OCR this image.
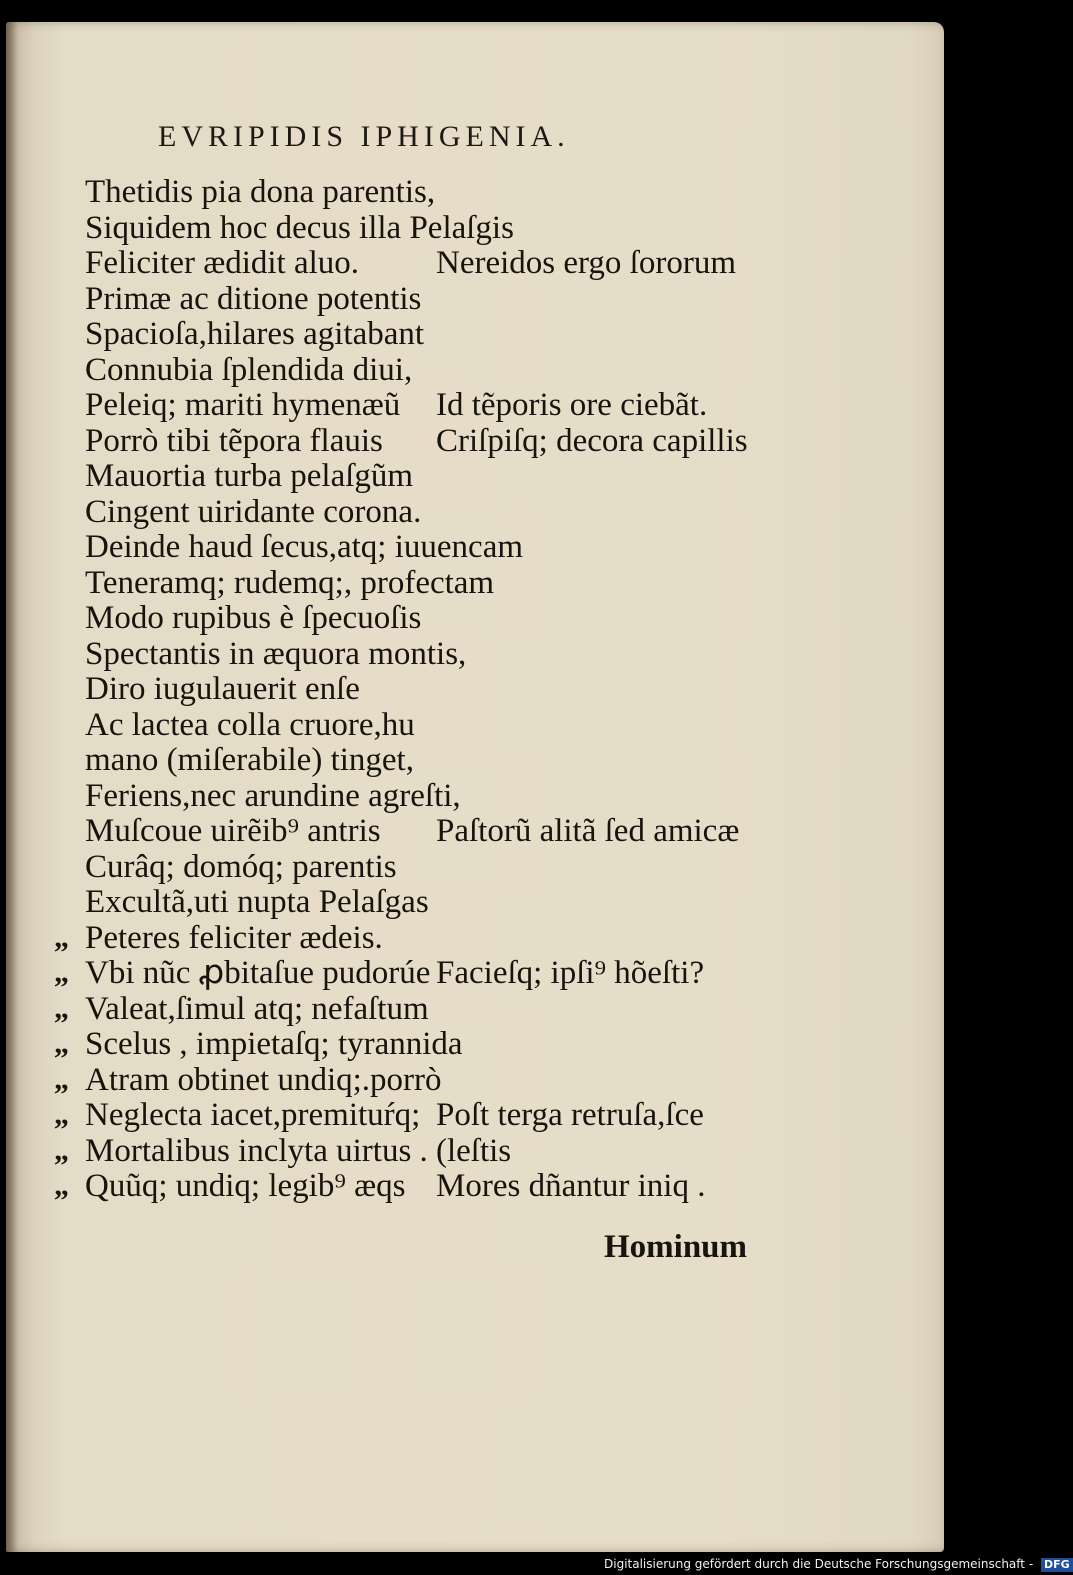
EVRIPIDIS IPHIGENIA.
Thetidis pia dona parentis,
Siquidem hoc decus illa Pelaſgis
Feliciter ædidit aluo. Nereidos ergo ſororum
Primæ ac ditione potentis
Spacioſa,hilares agitabant
Connubia ſplendida diui,
Peleiq; mariti hymenæũ Id tẽporis ore ciebãt.
Porrò tibi tẽpora flauis Criſpiſq; decora capillis
Mauortia turba pelaſgũm
Cingent uiridante corona.
Deinde haud ſecus,atq; iuuencam
Teneramq; rudemq;, profectam
Modo rupibus è ſpecuoſis
Spectantis in æquora montis,
Diro iugulauerit enſe
Ac lactea colla cruore,hu
mano (miſerabile) tinget,
Feriens,nec arundine agreſti,
Muſcoue uirẽib⁹ antris Paſtorũ alitã ſed amicæ
Curâq; domóq; parentis
Excultã,uti nupta Pelaſgas
„ Peteres feliciter ædeis.
„ Vbi nũc ꝓbitaſue pudorúe Facieſq; ipſi⁹ hõeſti?
„ Valeat,ſimul atq; nefaſtum
„ Scelus , impietaſq; tyrannida
„ Atram obtinet undiq;.porrò
„ Neglecta iacet,premituŕq; Poſt terga retruſa,ſce
„ Mortalibus inclyta uirtus . (leſtis
„ Quũq; undiq; legib⁹ æqs Mores dñantur iniq .
Hominum
Digitalisierung gefördert durch die Deutsche Forschungsgemeinschaft - DFG
